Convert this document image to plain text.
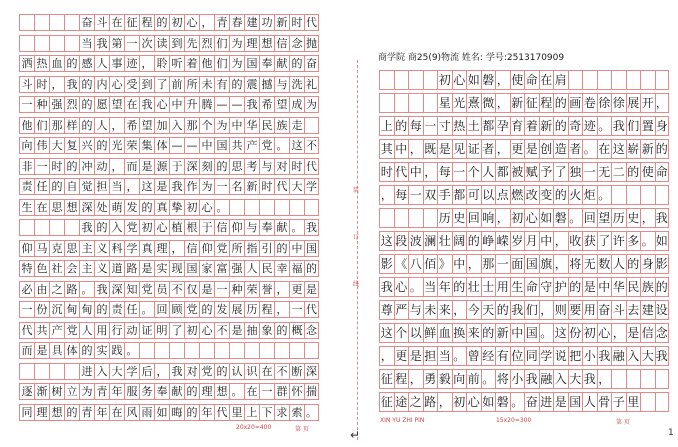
奋 斗 在 征 程 的 初 心 ， 青 春 建 功 新 时 代
当 我 第 一 次 读 到 先 烈 们 为 理 想 信 念 抛
洒 热 血 的 感 人 事 迹 ， 聆 听 着 他 们 为 国 奉 献 的 奋
斗 时 ， 我 的 内 心 受 到 了 前 所 未 有 的 震 撼 与 洗 礼
一 种 强 烈 的 愿 望 在 我 心 中 升 腾 — — 我 希 望 成 为
他 们 那 样 的 人 ， 希 望 加 入 那 个 为 中 华 民 族 走
向 伟 大 复 兴 的 光 荣 集 体 — — 中 国 共 产 党 。 这 不
非 一 时 的 冲 动 ， 而 是 源 于 深 刻 的 思 考 与 对 时 代
责 任 的 自 觉 担 当 ， 这 是 我 作 为 一 名 新 时 代 大 学
生 在 思 想 深 处 萌 发 的 真 挚 初 心 。
我 的 入 党 初 心 植 根 于 信 仰 与 奉 献 。 我
仰 马 克 思 主 义 科 学 真 理 ， 信 仰 党 所 指 引 的 中 国
特 色 社 会 主 义 道 路 是 实 现 国 家 富 强 人 民 幸 福 的
必 由 之 路 。 我 深 知 党 员 不 仅 是 一 种 荣 誉 ， 更 是
一 份 沉 甸 甸 的 责 任 。 回 顾 党 的 发 展 历 程 ， 一 代
代 共 产 党 人 用 行 动 证 明 了 初 心 不 是 抽 象 的 概 念
而 是 具 体 的 实 践 。
进 入 大 学 后 ， 我 对 党 的 认 识 在 不 断 深
逐 渐 树 立 为 青 年 服 务 奉 献 的 理 想 。 在 一 群 怀 揣
同 理 想 的 青 年 在 风 雨 如 晦 的 年 代 里 上 下 求 索 。
20x20=400	第 页
装
订
线
商学院 商25(9)物流 姓名: 学号:2513170909
初 心 如 磐 ， 使 命 在 肩
星 光 熹 微 ， 新 征 程 的 画 卷 徐 徐 展 开 ，
上 的 每 一 寸 热 土 都 孕 育 着 新 的 奇 迹 。 我 们 置 身
其 中 ， 既 是 见 证 者 ， 更 是 创 造 者 。 在 这 崭 新 的
时 代 中 ， 每 一 个 人 都 被 赋 予 了 独 一 无 二 的 使 命
， 每 一 双 手 都 可 以 点 燃 改 变 的 火 炬 。
历 史 回 响 ， 初 心 如 磐 。 回 望 历 史 ， 我
这 段 波 澜 壮 阔 的 峥 嵘 岁 月 中 ， 收 获 了 许 多 。 如
影 《 八 佰 》 中 ， 那 一 面 国 旗 ， 将 无 数 人 的 身 影
我 心 。 当 年 的 壮 士 用 生 命 守 护 的 是 中 华 民 族 的
尊 严 与 未 来 ， 今 天 的 我 们 ， 则 要 用 奋 斗 去 建 设
这 个 以 鲜 血 换 来 的 新 中 国 。 这 份 初 心 ， 是 信 念
， 更 是 担 当 。 曾 经 有 位 同 学 说 把 小 我 融 入 大 我
征 程 ， 勇 毅 向 前 。 将 小 我 融 入 大 我 ，
征 途 之 路 ， 初 心 如 磐 。 奋 进 是 国 人 骨 子 里
XIN YU ZHI PIN	15x20=300	第 页
↵	1
